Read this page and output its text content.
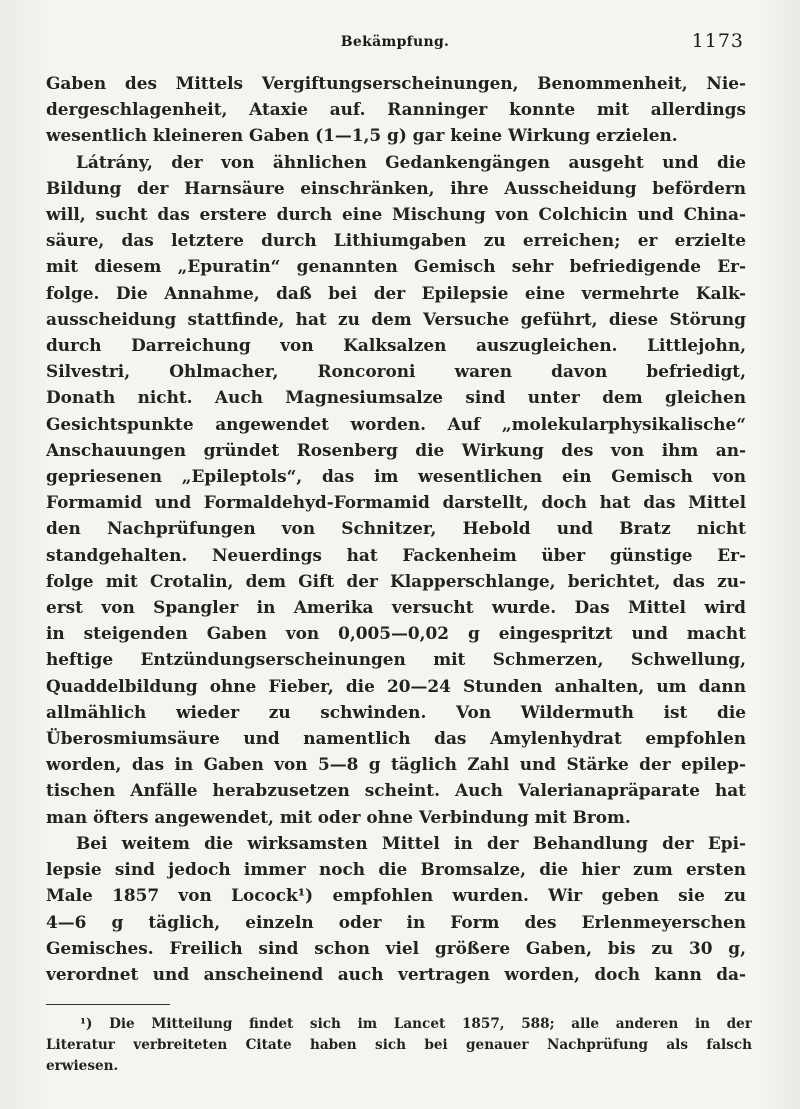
Bekämpfung.	1173
Gaben des Mittels Vergiftungserscheinungen, Benommenheit, Nie-
dergeschlagenheit, Ataxie auf. Ranninger konnte mit allerdings
wesentlich kleineren Gaben (1—1,5 g) gar keine Wirkung erzielen.
Látrány, der von ähnlichen Gedankengängen ausgeht und die
Bildung der Harnsäure einschränken, ihre Ausscheidung befördern
will, sucht das erstere durch eine Mischung von Colchicin und China-
säure, das letztere durch Lithiumgaben zu erreichen; er erzielte
mit diesem „Epuratin“ genannten Gemisch sehr befriedigende Er-
folge. Die Annahme, daß bei der Epilepsie eine vermehrte Kalk-
ausscheidung stattfinde, hat zu dem Versuche geführt, diese Störung
durch Darreichung von Kalksalzen auszugleichen. Littlejohn,
Silvestri, Ohlmacher, Roncoroni waren davon befriedigt,
Donath nicht. Auch Magnesiumsalze sind unter dem gleichen
Gesichtspunkte angewendet worden. Auf „molekularphysikalische“
Anschauungen gründet Rosenberg die Wirkung des von ihm an-
gepriesenen „Epileptols“, das im wesentlichen ein Gemisch von
Formamid und Formaldehyd-Formamid darstellt, doch hat das Mittel
den Nachprüfungen von Schnitzer, Hebold und Bratz nicht
standgehalten. Neuerdings hat Fackenheim über günstige Er-
folge mit Crotalin, dem Gift der Klapperschlange, berichtet, das zu-
erst von Spangler in Amerika versucht wurde. Das Mittel wird
in steigenden Gaben von 0,005—0,02 g eingespritzt und macht
heftige Entzündungserscheinungen mit Schmerzen, Schwellung,
Quaddelbildung ohne Fieber, die 20—24 Stunden anhalten, um dann
allmählich wieder zu schwinden. Von Wildermuth ist die
Überosmiumsäure und namentlich das Amylenhydrat empfohlen
worden, das in Gaben von 5—8 g täglich Zahl und Stärke der epilep-
tischen Anfälle herabzusetzen scheint. Auch Valerianapräparate hat
man öfters angewendet, mit oder ohne Verbindung mit Brom.
Bei weitem die wirksamsten Mittel in der Behandlung der Epi-
lepsie sind jedoch immer noch die Bromsalze, die hier zum ersten
Male 1857 von Locock¹) empfohlen wurden. Wir geben sie zu
4—6 g täglich, einzeln oder in Form des Erlenmeyerschen
Gemisches. Freilich sind schon viel größere Gaben, bis zu 30 g,
verordnet und anscheinend auch vertragen worden, doch kann da-
¹) Die Mitteilung findet sich im Lancet 1857, 588; alle anderen in der
Literatur verbreiteten Citate haben sich bei genauer Nachprüfung als falsch
erwiesen.
